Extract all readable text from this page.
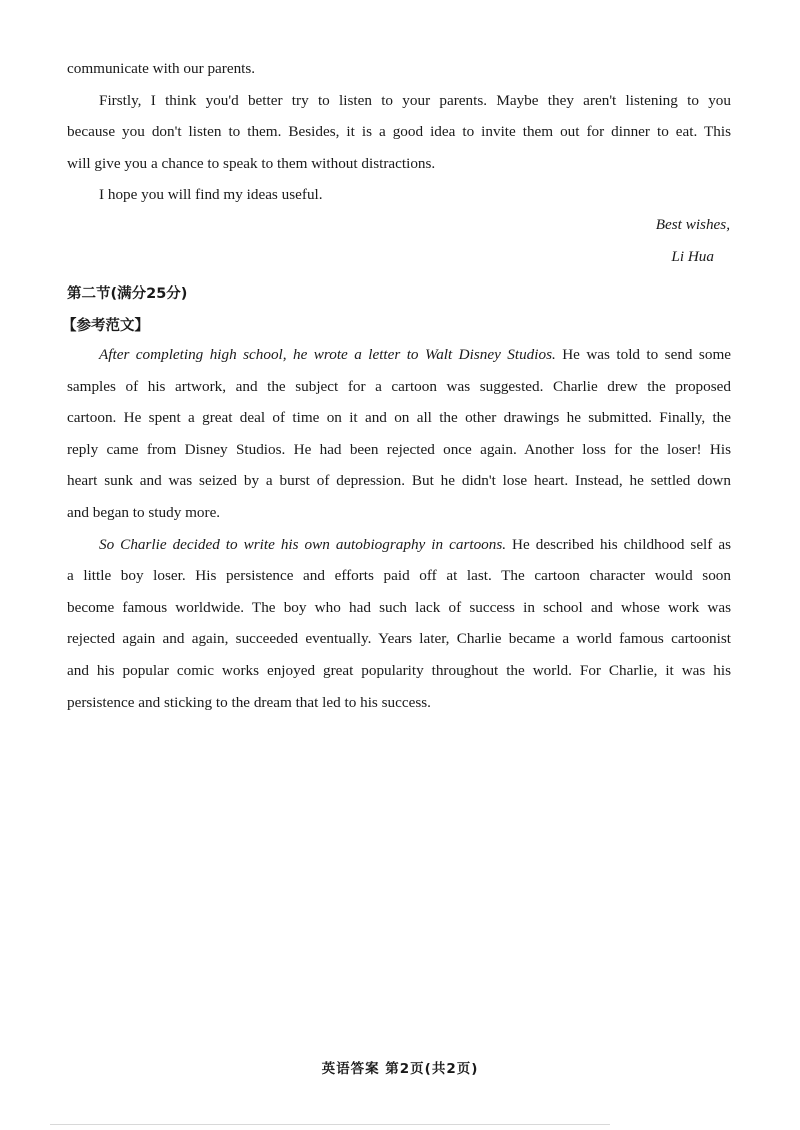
communicate with our parents.
Firstly, I think you'd better try to listen to your parents. Maybe they aren't listening to you
because you don't listen to them. Besides, it is a good idea to invite them out for dinner to eat. This
will give you a chance to speak to them without distractions.
I hope you will find my ideas useful.
Best wishes,
Li Hua
第二节(满分25分)
【参考范文】
After completing high school, he wrote a letter to Walt Disney Studios. He was told to send some
samples of his artwork, and the subject for a cartoon was suggested. Charlie drew the proposed
cartoon. He spent a great deal of time on it and on all the other drawings he submitted. Finally, the
reply came from Disney Studios. He had been rejected once again. Another loss for the loser! His
heart sunk and was seized by a burst of depression. But he didn't lose heart. Instead, he settled down
and began to study more.
So Charlie decided to write his own autobiography in cartoons. He described his childhood self as
a little boy loser. His persistence and efforts paid off at last. The cartoon character would soon
become famous worldwide. The boy who had such lack of success in school and whose work was
rejected again and again, succeeded eventually. Years later, Charlie became a world famous cartoonist
and his popular comic works enjoyed great popularity throughout the world. For Charlie, it was his
persistence and sticking to the dream that led to his success.
英语答案 第2页(共2页)
